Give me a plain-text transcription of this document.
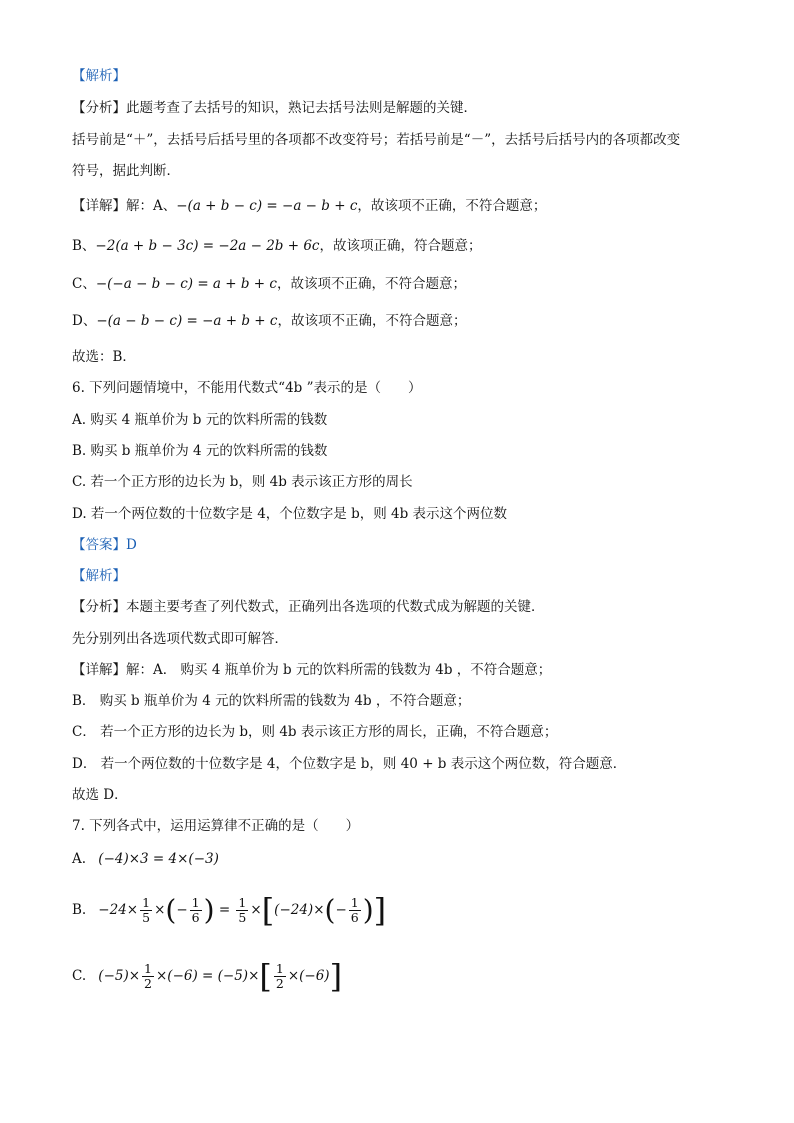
【解析】
【分析】此题考查了去括号的知识，熟记去括号法则是解题的关键．
括号前是“＋”，去括号后括号里的各项都不改变符号；若括号前是“－”，去括号后括号内的各项都改变
符号，据此判断．
【详解】解：A、−(a + b − c) = −a − b + c，故该项不正确，不符合题意；
B、−2(a + b − 3c) = −2a − 2b + 6c，故该项正确，符合题意；
C、−(−a − b − c) = a + b + c，故该项不正确，不符合题意；
D、−(a − b − c) = −a + b + c，故该项不正确，不符合题意；
故选：B．
6. 下列问题情境中，不能用代数式“4b ”表示的是（　　）
A. 购买 4 瓶单价为 b 元的饮料所需的钱数
B. 购买 b 瓶单价为 4 元的饮料所需的钱数
C. 若一个正方形的边长为 b，则 4b 表示该正方形的周长
D. 若一个两位数的十位数字是 4，个位数字是 b，则 4b 表示这个两位数
【答案】D
【解析】
【分析】本题主要考查了列代数式，正确列出各选项的代数式成为解题的关键．
先分别列出各选项代数式即可解答．
【详解】解：A． 购买 4 瓶单价为 b 元的饮料所需的钱数为 4b ，不符合题意；
B． 购买 b 瓶单价为 4 元的饮料所需的钱数为 4b ，不符合题意；
C． 若一个正方形的边长为 b，则 4b 表示该正方形的周长，正确，不符合题意；
D． 若一个两位数的十位数字是 4，个位数字是 b，则 40 + b 表示这个两位数，符合题意．
故选 D．
7. 下列各式中，运用运算律不正确的是（　　）
A. (−4)×3 = 4×(−3)
B. $-24\times \frac{1}{5}$ ×(− $\frac{1}{6}$ ) = $\frac{1}{5} \times[(-24)\times(- \frac{1}{6}$ )]
C. $(-5)\times \frac{1}{2} \times(-6) = (-5)\times[ \frac{1}{2} \times(-6)]$
